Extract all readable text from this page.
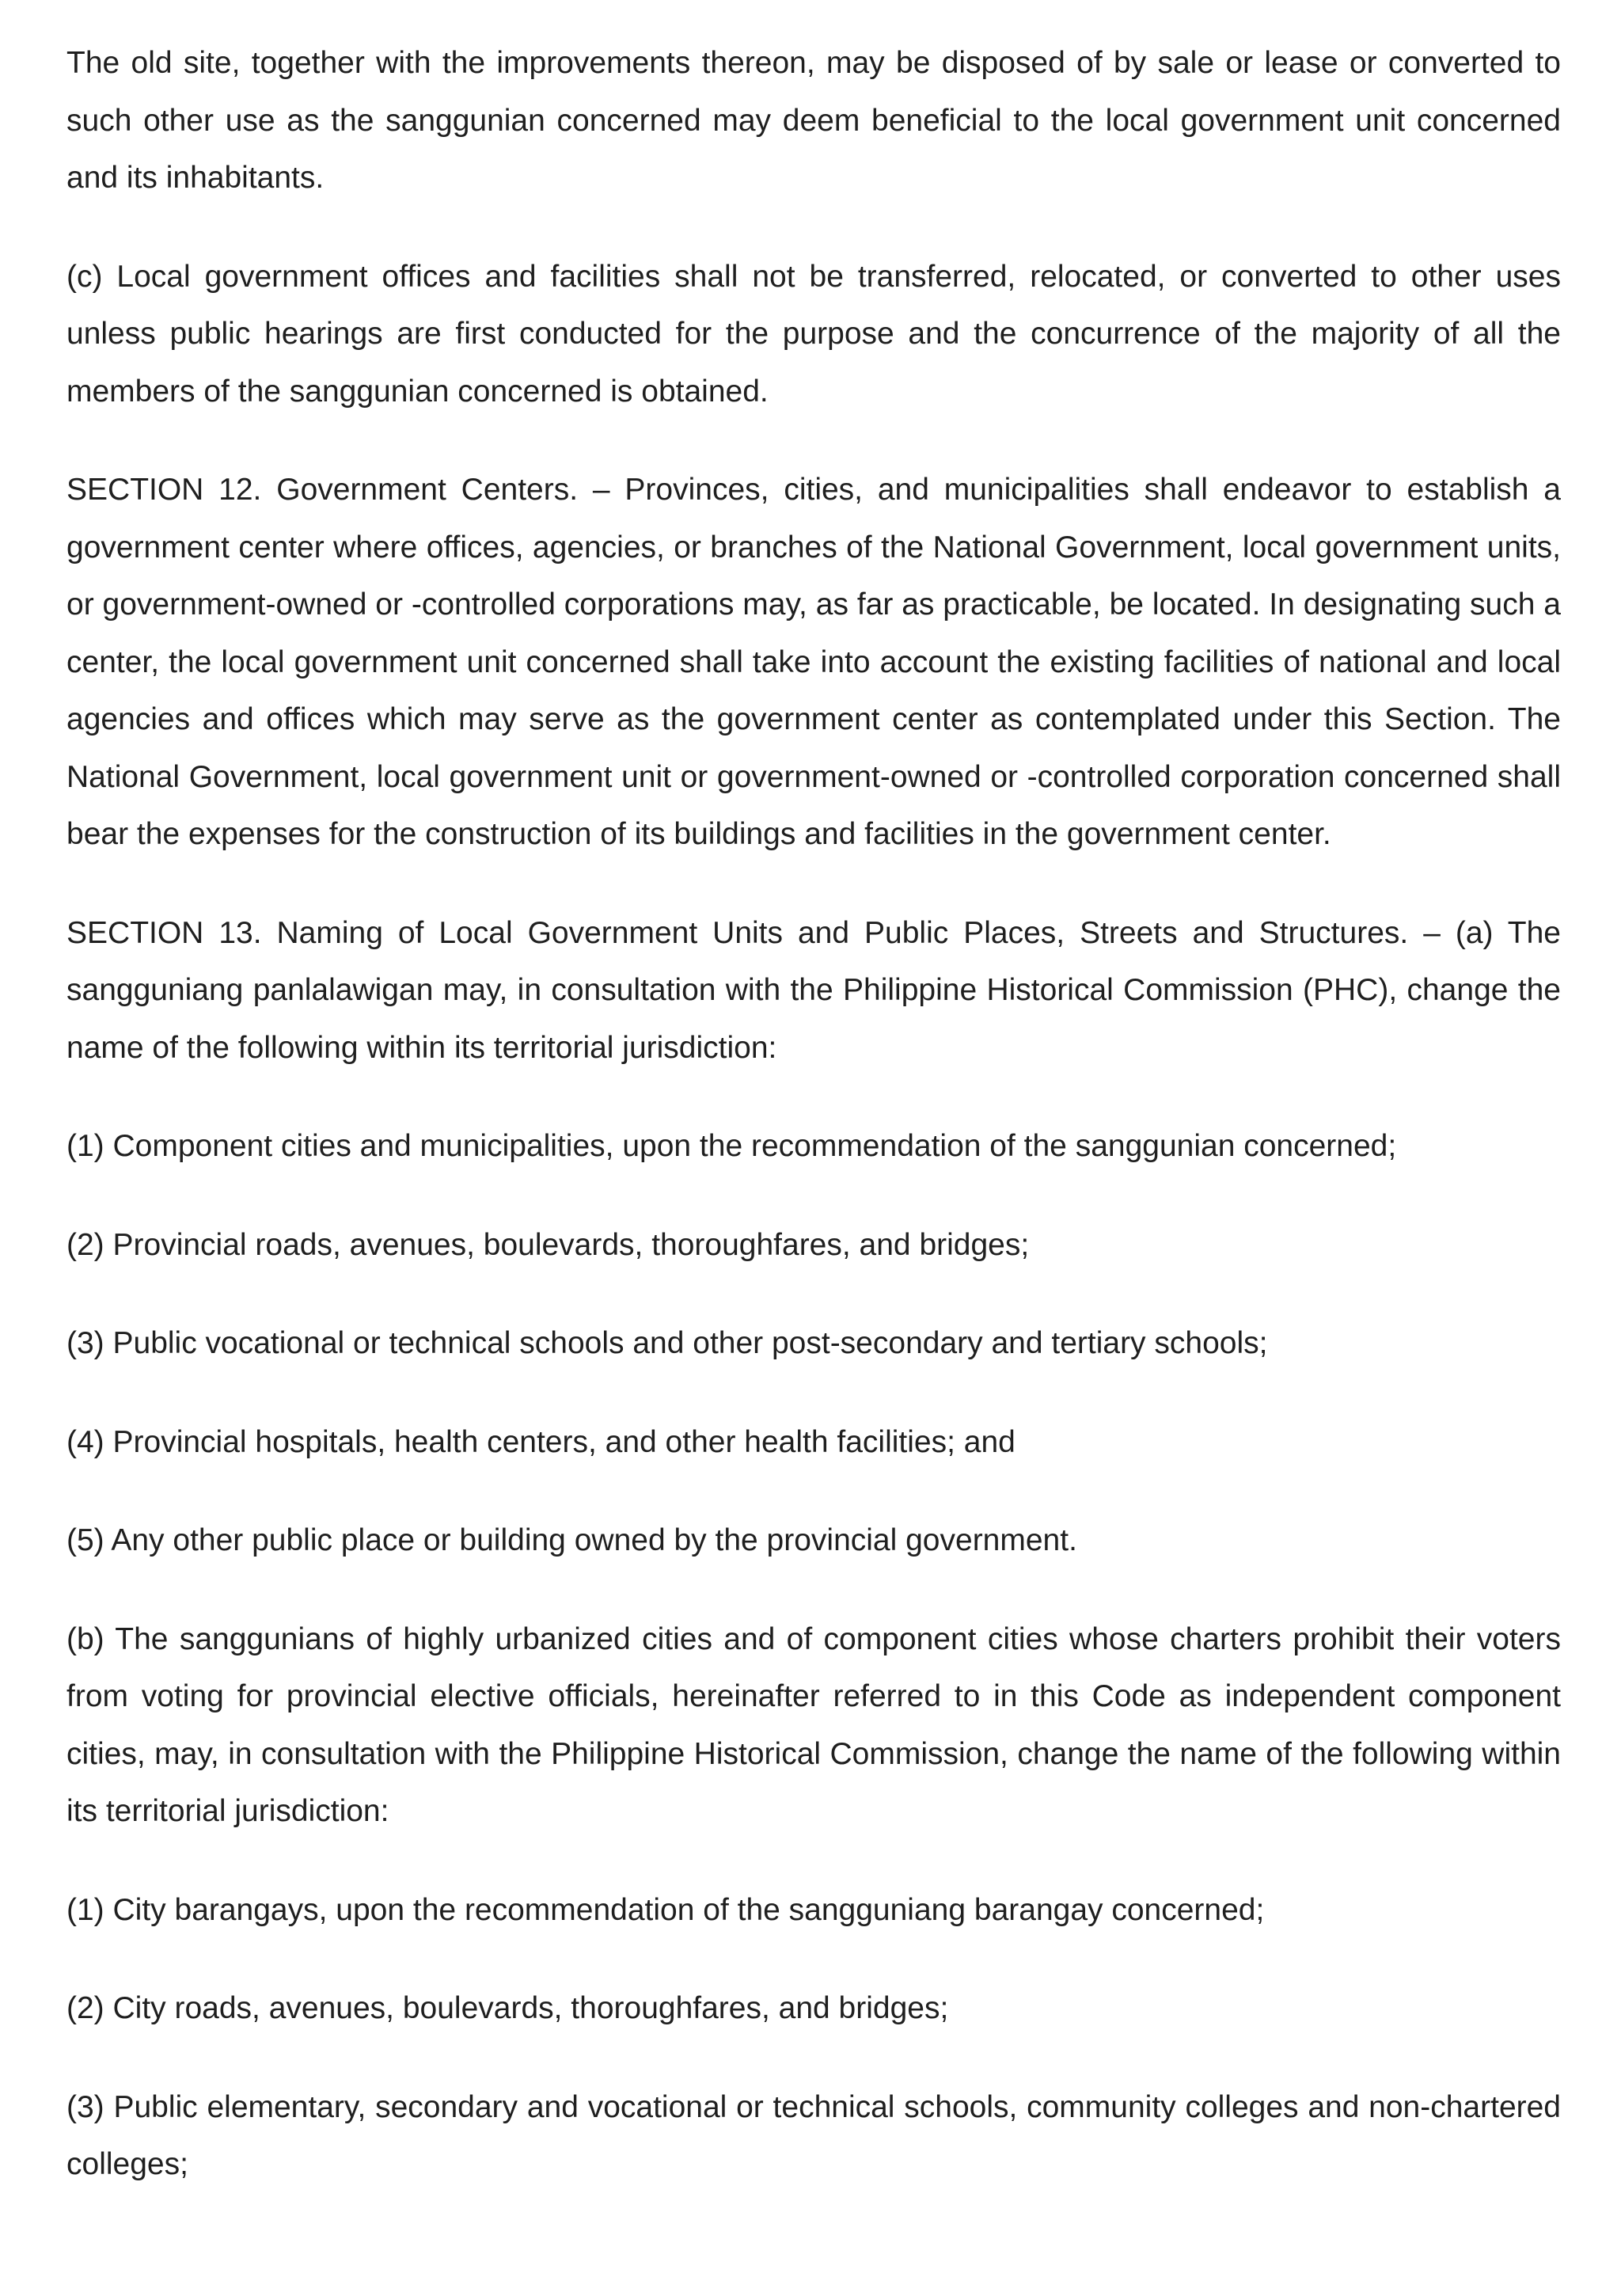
The old site, together with the improvements thereon, may be disposed of by sale or lease or converted to such other use as the sanggunian concerned may deem beneficial to the local government unit concerned and its inhabitants.

(c) Local government offices and facilities shall not be transferred, relocated, or converted to other uses unless public hearings are first conducted for the purpose and the concurrence of the majority of all the members of the sanggunian concerned is obtained.

SECTION 12. Government Centers. – Provinces, cities, and municipalities shall endeavor to establish a government center where offices, agencies, or branches of the National Government, local government units, or government-owned or -controlled corporations may, as far as practicable, be located. In designating such a center, the local government unit concerned shall take into account the existing facilities of national and local agencies and offices which may serve as the government center as contemplated under this Section. The National Government, local government unit or government-owned or -controlled corporation concerned shall bear the expenses for the construction of its buildings and facilities in the government center.

SECTION 13. Naming of Local Government Units and Public Places, Streets and Structures. – (a) The sangguniang panlalawigan may, in consultation with the Philippine Historical Commission (PHC), change the name of the following within its territorial jurisdiction:

(1) Component cities and municipalities, upon the recommendation of the sanggunian concerned;

(2) Provincial roads, avenues, boulevards, thoroughfares, and bridges;

(3) Public vocational or technical schools and other post-secondary and tertiary schools;

(4) Provincial hospitals, health centers, and other health facilities; and

(5) Any other public place or building owned by the provincial government.

(b) The sanggunians of highly urbanized cities and of component cities whose charters prohibit their voters from voting for provincial elective officials, hereinafter referred to in this Code as independent component cities, may, in consultation with the Philippine Historical Commission, change the name of the following within its territorial jurisdiction:

(1) City barangays, upon the recommendation of the sangguniang barangay concerned;

(2) City roads, avenues, boulevards, thoroughfares, and bridges;

(3) Public elementary, secondary and vocational or technical schools, community colleges and non-chartered colleges;
